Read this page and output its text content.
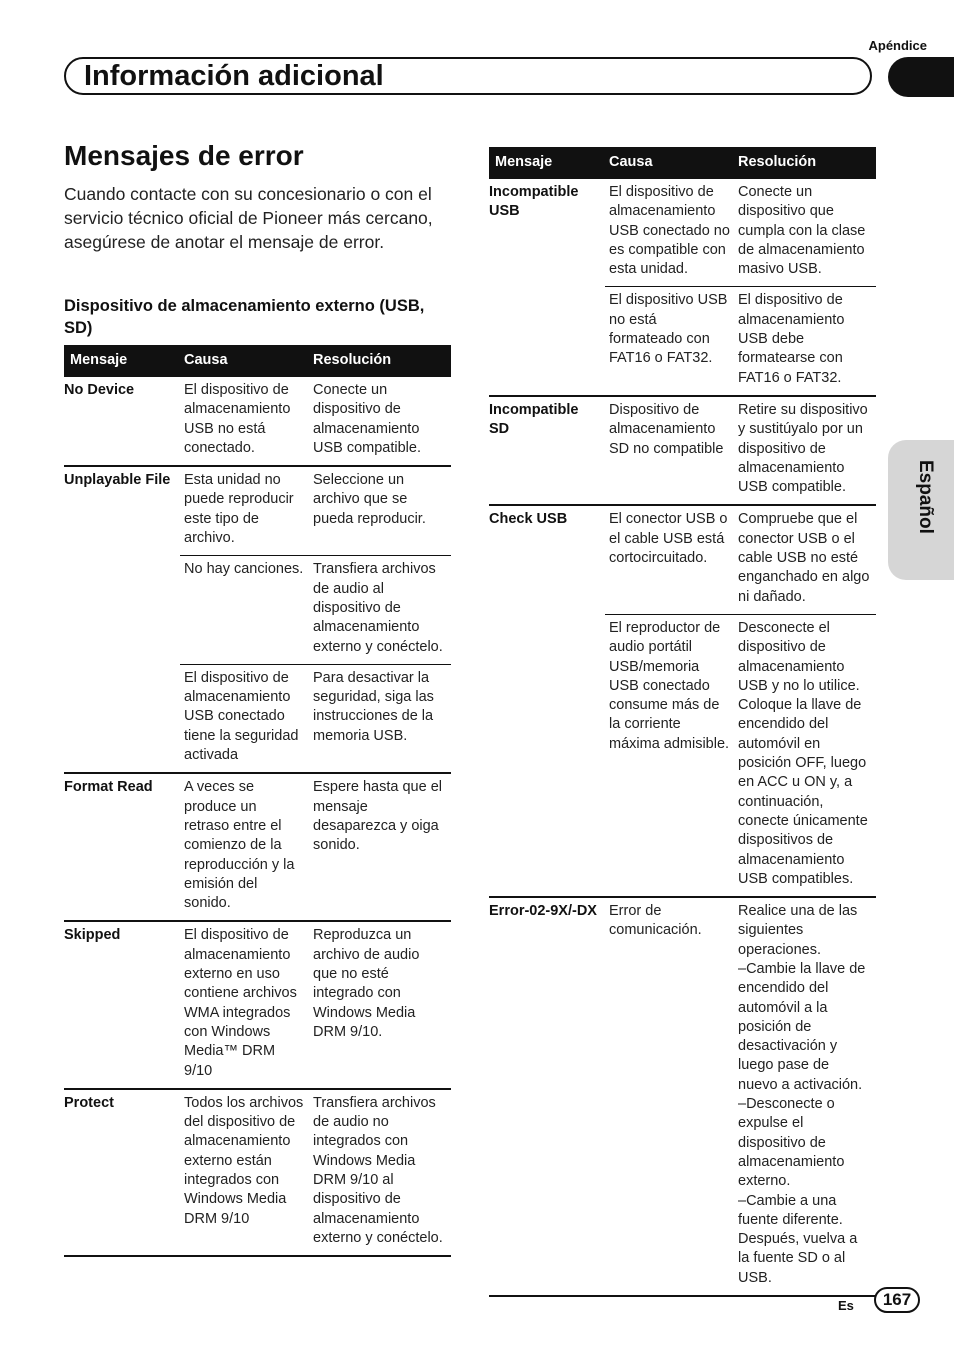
Apéndice
Información adicional
Español
Mensajes de error
Cuando contacte con su concesionario o con el servicio técnico oficial de Pioneer más cercano, asegúrese de anotar el mensaje de error.
Dispositivo de almacenamiento externo (USB, SD)
Mensaje	Causa	Resolución
No Device	El dispositivo de almacenamiento USB no está conectado.	Conecte un dispositivo de almacenamiento USB compatible.
Unplayable File	Esta unidad no puede reproducir este tipo de archivo.	Seleccione un archivo que se pueda reproducir.
	No hay canciones.	Transfiera archivos de audio al dispositivo de almacenamiento externo y conéctelo.
	El dispositivo de almacenamiento USB conectado tiene la seguridad activada	Para desactivar la seguridad, siga las instrucciones de la memoria USB.
Format Read	A veces se produce un retraso entre el comienzo de la reproducción y la emisión del sonido.	Espere hasta que el mensaje desaparezca y oiga sonido.
Skipped	El dispositivo de almacenamiento externo en uso contiene archivos WMA integrados con Windows Media™ DRM 9/10	Reproduzca un archivo de audio que no esté integrado con Windows Media DRM 9/10.
Protect	Todos los archivos del dispositivo de almacenamiento externo están integrados con Windows Media DRM 9/10	Transfiera archivos de audio no integrados con Windows Media DRM 9/10 al dispositivo de almacenamiento externo y conéctelo.
Mensaje	Causa	Resolución
Incompatible USB	El dispositivo de almacenamiento USB conectado no es compatible con esta unidad.	Conecte un dispositivo que cumpla con la clase de almacenamiento masivo USB.
	El dispositivo USB no está formateado con FAT16 o FAT32.	El dispositivo de almacenamiento USB debe formatearse con FAT16 o FAT32.
Incompatible SD	Dispositivo de almacenamiento SD no compatible	Retire su dispositivo y sustitúyalo por un dispositivo de almacenamiento USB compatible.
Check USB	El conector USB o el cable USB está cortocircuitado.	Compruebe que el conector USB o el cable USB no esté enganchado en algo ni dañado.
	El reproductor de audio portátil USB/memoria USB conectado consume más de la corriente máxima admisible.	Desconecte el dispositivo de almacenamiento USB y no lo utilice. Coloque la llave de encendido del automóvil en posición OFF, luego en ACC u ON y, a continuación, conecte únicamente dispositivos de almacenamiento USB compatibles.
Error-02-9X/-DX	Error de comunicación.	Realice una de las siguientes operaciones.
–Cambie la llave de encendido del automóvil a la posición de desactivación y luego pase de nuevo a activación.
–Desconecte o expulse el dispositivo de almacenamiento externo.
–Cambie a una fuente diferente. Después, vuelva a la fuente SD o al USB.
Es	167
